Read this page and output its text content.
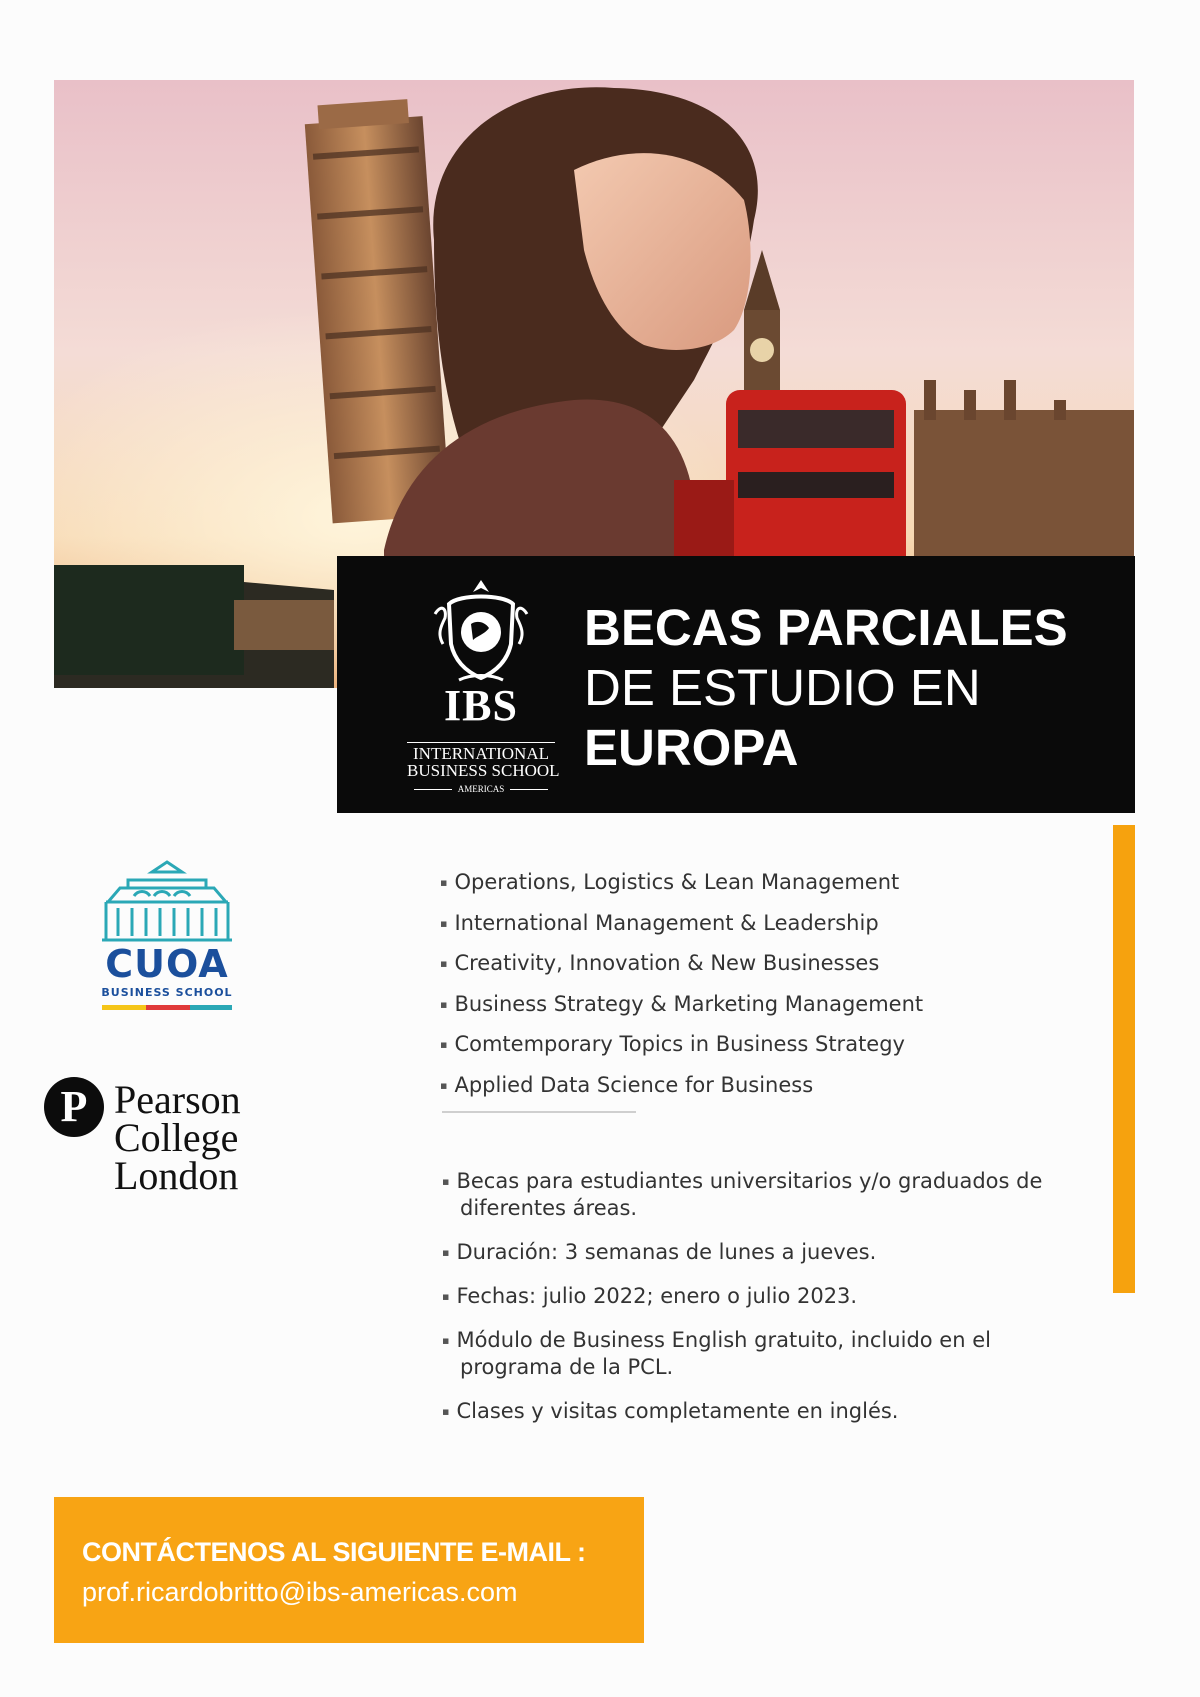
IBS
INTERNATIONAL
BUSINESS SCHOOL
AMERICAS
BECAS PARCIALES
DE ESTUDIO EN
EUROPA
CUOA
BUSINESS SCHOOL
P Pearson
College
London
▪ Operations, Logistics & Lean Management
▪ International Management & Leadership
▪ Creativity, Innovation & New Businesses
▪ Business Strategy & Marketing Management
▪ Comtemporary Topics in Business Strategy
▪ Applied Data Science for Business
▪ Becas para estudiantes universitarios y/o graduados de diferentes áreas.
▪ Duración: 3 semanas de lunes a jueves.
▪ Fechas: julio 2022; enero o julio 2023.
▪ Módulo de Business English gratuito, incluido en el programa de la PCL.
▪ Clases y visitas completamente en inglés.
CONTÁCTENOS AL SIGUIENTE E-MAIL :
prof.ricardobritto@ibs-americas.com
